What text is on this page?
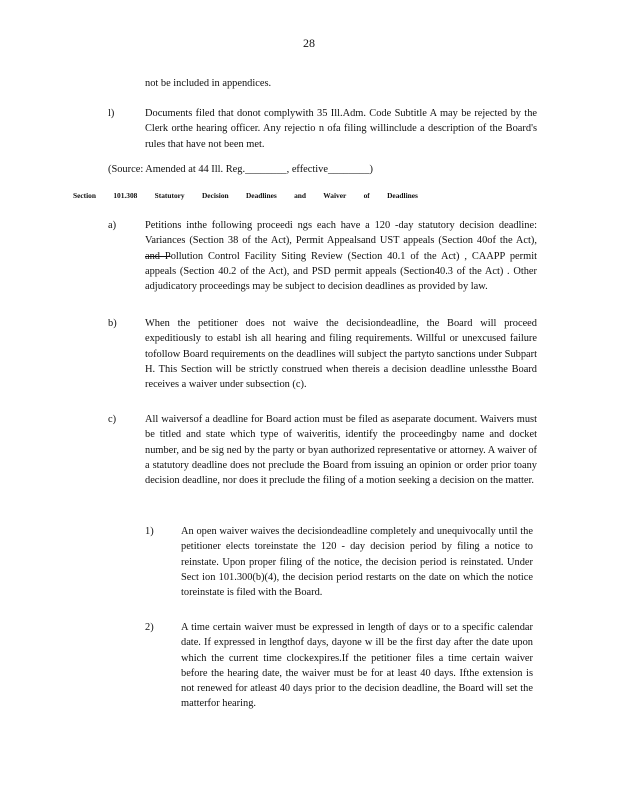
28
not be included in appendices.
l)	Documents filed that donot complywith 35 Ill.Adm. Code Subtitle A may be rejected by the Clerk orthe hearing officer. Any rejectio n ofa filing willinclude a description of the Board's rules that have not been met.
(Source: Amended at 44 Ill. Reg.________, effective________)
Section 101.308 Statutory Decision Deadlines and Waiver of Deadlines
a)	Petitions inthe following proceedi ngs each have a 120 -day statutory decision deadline: Variances (Section 38 of the Act), Permit Appealsand UST appeals (Section 40of the Act), and Pollution Control Facility Siting Review (Section 40.1 of the Act) , CAAPP permit appeals (Section 40.2 of the Act), and PSD permit appeals (Section40.3 of the Act) . Other adjudicatory proceedings may be subject to decision deadlines as provided by law.
b)	When the petitioner does not waive the decisiondeadline, the Board will proceed expeditiously to establ ish all hearing and filing requirements. Willful or unexcused failure tofollow Board requirements on the deadlines will subject the partyto sanctions under Subpart H. This Section will be strictly construed when thereis a decision deadline unlessthe Board receives a waiver under subsection (c).
c)	All waiversof a deadline for Board action must be filed as aseparate document. Waivers must be titled and state which type of waiveritis, identify the proceedingby name and docket number, and be sig ned by the party or byan authorized representative or attorney. A waiver of a statutory deadline does not preclude the Board from issuing an opinion or order prior toany decision deadline, nor does it preclude the filing of a motion seeking a decision on the matter.
1)	An open waiver waives the decisiondeadline completely and unequivocally until the petitioner elects toreinstate the 120 - day decision period by filing a notice to reinstate. Upon proper filing of the notice, the decision period is reinstated. Under Sect ion 101.300(b)(4), the decision period restarts on the date on which the notice toreinstate is filed with the Board.
2)	A time certain waiver must be expressed in length of days or to a specific calendar date. If expressed in lengthof days, dayone w ill be the first day after the date upon which the current time clockexpires.If the petitioner files a time certain waiver before the hearing date, the waiver must be for at least 40 days. Ifthe extension is not renewed for atleast 40 days prior to the decision deadline, the Board will set the matterfor hearing.
